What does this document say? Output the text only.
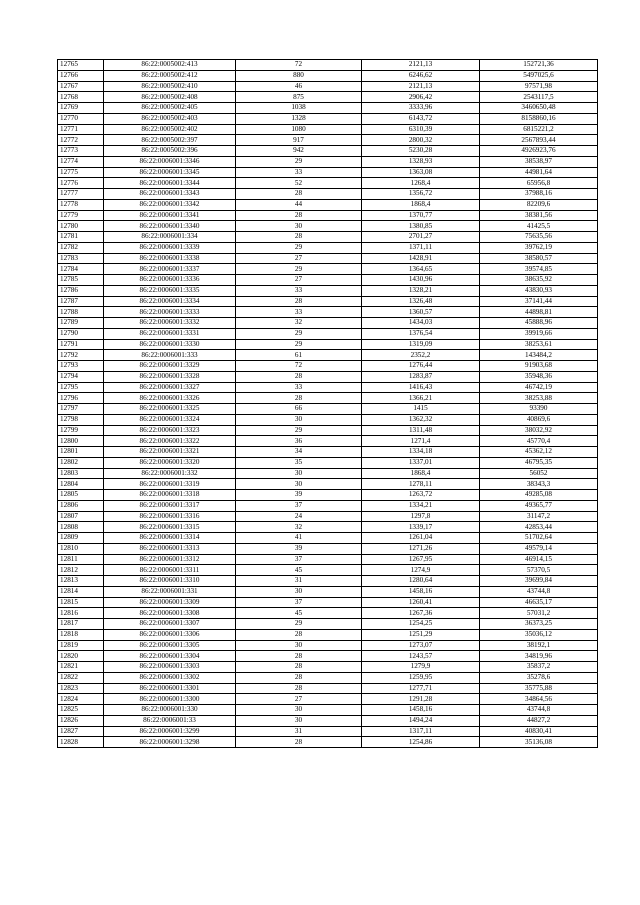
12765	86:22:0005002:413	72	2121,13	152721,36
12766	86:22:0005002:412	880	6246,62	5497025,6
12767	86:22:0005002:410	46	2121,13	97571,98
12768	86:22:0005002:408	875	2906,42	2543117,5
12769	86:22:0005002:405	1038	3333,96	3460650,48
12770	86:22:0005002:403	1328	6143,72	8158860,16
12771	86:22:0005002:402	1080	6310,39	6815221,2
12772	86:22:0005002:397	917	2800,32	2567893,44
12773	86:22:0005002:396	942	5230,28	4926923,76
12774	86:22:0006001:3346	29	1328,93	38538,97
12775	86:22:0006001:3345	33	1363,08	44981,64
12776	86:22:0006001:3344	52	1268,4	65956,8
12777	86:22:0006001:3343	28	1356,72	37988,16
12778	86:22:0006001:3342	44	1868,4	82209,6
12779	86:22:0006001:3341	28	1370,77	38381,56
12780	86:22:0006001:3340	30	1380,85	41425,5
12781	86:22:0006001:334	28	2701,27	75635,56
12782	86:22:0006001:3339	29	1371,11	39762,19
12783	86:22:0006001:3338	27	1428,91	38580,57
12784	86:22:0006001:3337	29	1364,65	39574,85
12785	86:22:0006001:3336	27	1430,96	38635,92
12786	86:22:0006001:3335	33	1328,21	43830,93
12787	86:22:0006001:3334	28	1326,48	37141,44
12788	86:22:0006001:3333	33	1360,57	44898,81
12789	86:22:0006001:3332	32	1434,03	45888,96
12790	86:22:0006001:3331	29	1376,54	39919,66
12791	86:22:0006001:3330	29	1319,09	38253,61
12792	86:22:0006001:333	61	2352,2	143484,2
12793	86:22:0006001:3329	72	1276,44	91903,68
12794	86:22:0006001:3328	28	1283,87	35948,36
12795	86:22:0006001:3327	33	1416,43	46742,19
12796	86:22:0006001:3326	28	1366,21	38253,88
12797	86:22:0006001:3325	66	1415	93390
12798	86:22:0006001:3324	30	1362,32	40869,6
12799	86:22:0006001:3323	29	1311,48	38032,92
12800	86:22:0006001:3322	36	1271,4	45770,4
12801	86:22:0006001:3321	34	1334,18	45362,12
12802	86:22:0006001:3320	35	1337,01	46795,35
12803	86:22:0006001:332	30	1868,4	56052
12804	86:22:0006001:3319	30	1278,11	38343,3
12805	86:22:0006001:3318	39	1263,72	49285,08
12806	86:22:0006001:3317	37	1334,21	49365,77
12807	86:22:0006001:3316	24	1297,8	31147,2
12808	86:22:0006001:3315	32	1339,17	42853,44
12809	86:22:0006001:3314	41	1261,04	51702,64
12810	86:22:0006001:3313	39	1271,26	49579,14
12811	86:22:0006001:3312	37	1267,95	46914,15
12812	86:22:0006001:3311	45	1274,9	57370,5
12813	86:22:0006001:3310	31	1280,64	39699,84
12814	86:22:0006001:331	30	1458,16	43744,8
12815	86:22:0006001:3309	37	1260,41	46635,17
12816	86:22:0006001:3308	45	1267,36	57031,2
12817	86:22:0006001:3307	29	1254,25	36373,25
12818	86:22:0006001:3306	28	1251,29	35036,12
12819	86:22:0006001:3305	30	1273,07	38192,1
12820	86:22:0006001:3304	28	1243,57	34819,96
12821	86:22:0006001:3303	28	1279,9	35837,2
12822	86:22:0006001:3302	28	1259,95	35278,6
12823	86:22:0006001:3301	28	1277,71	35775,88
12824	86:22:0006001:3300	27	1291,28	34864,56
12825	86:22:0006001:330	30	1458,16	43744,8
12826	86:22:0006001:33	30	1494,24	44827,2
12827	86:22:0006001:3299	31	1317,11	40830,41
12828	86:22:0006001:3298	28	1254,86	35136,08
